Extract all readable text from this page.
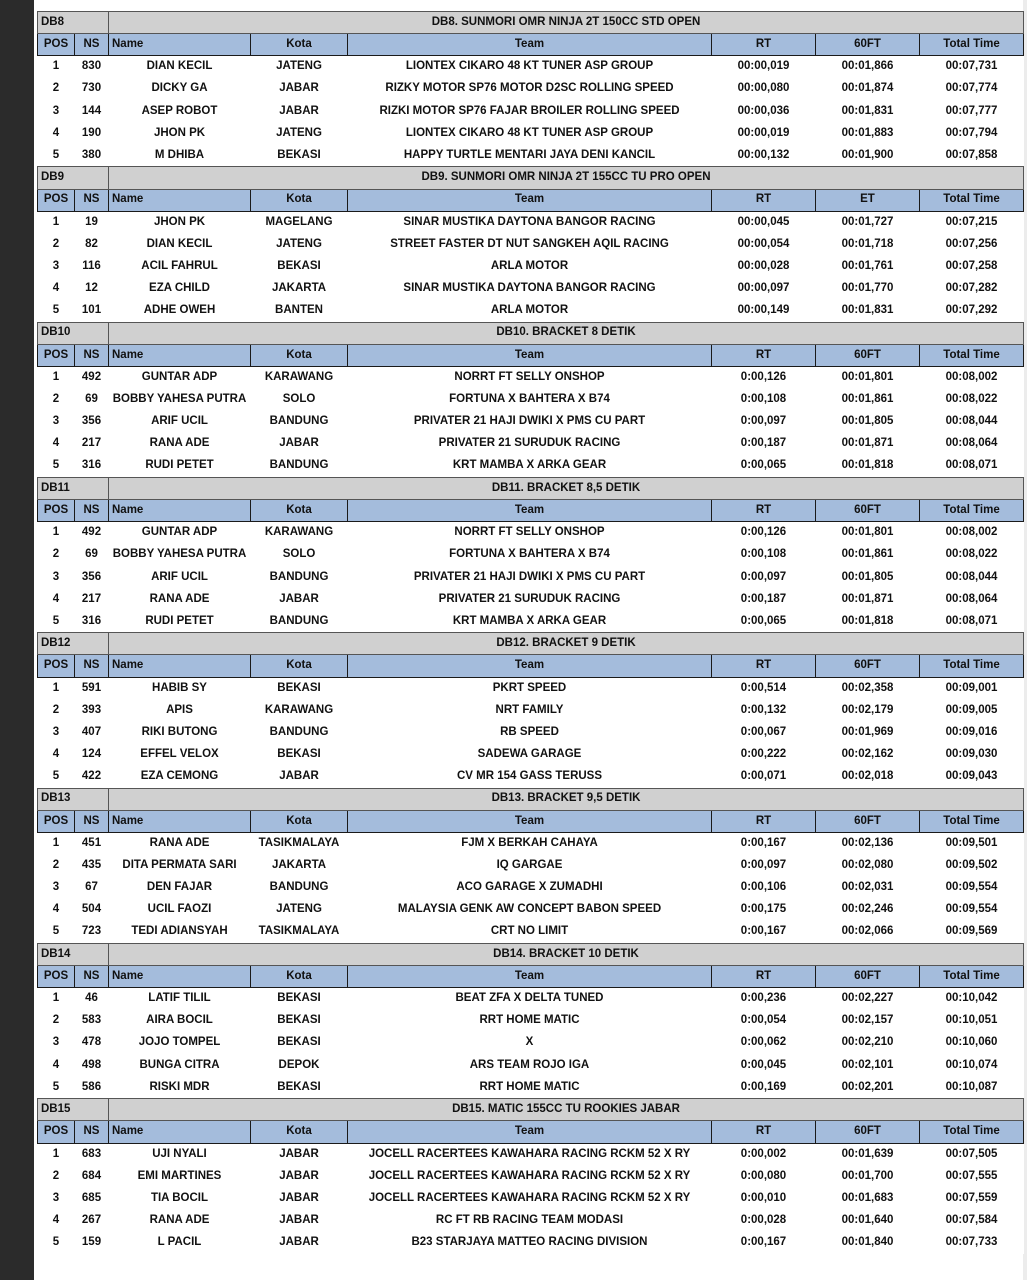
DB8		DB8. SUNMORI OMR NINJA 2T 150CC STD OPEN					
POS	NS	Name	Kota	Team	RT	60FT	Total Time
1	830	DIAN KECIL	JATENG	LIONTEX CIKARO 48 KT TUNER ASP GROUP	00:00,019	00:01,866	00:07,731
2	730	DICKY GA	JABAR	RIZKY MOTOR SP76 MOTOR D2SC ROLLING SPEED	00:00,080	00:01,874	00:07,774
3	144	ASEP ROBOT	JABAR	RIZKI MOTOR SP76 FAJAR BROILER ROLLING SPEED	00:00,036	00:01,831	00:07,777
4	190	JHON PK	JATENG	LIONTEX CIKARO 48 KT TUNER ASP GROUP	00:00,019	00:01,883	00:07,794
5	380	M DHIBA	BEKASI	HAPPY TURTLE MENTARI JAYA DENI KANCIL	00:00,132	00:01,900	00:07,858
DB9		DB9. SUNMORI OMR NINJA 2T 155CC TU PRO OPEN					
POS	NS	Name	Kota	Team	RT	ET	Total Time
1	19	JHON PK	MAGELANG	SINAR MUSTIKA DAYTONA BANGOR RACING	00:00,045	00:01,727	00:07,215
2	82	DIAN KECIL	JATENG	STREET FASTER DT NUT SANGKEH AQIL RACING	00:00,054	00:01,718	00:07,256
3	116	ACIL FAHRUL	BEKASI	ARLA MOTOR	00:00,028	00:01,761	00:07,258
4	12	EZA CHILD	JAKARTA	SINAR MUSTIKA DAYTONA BANGOR RACING	00:00,097	00:01,770	00:07,282
5	101	ADHE OWEH	BANTEN	ARLA MOTOR	00:00,149	00:01,831	00:07,292
DB10		DB10. BRACKET 8 DETIK					
POS	NS	Name	Kota	Team	RT	60FT	Total Time
1	492	GUNTAR ADP	KARAWANG	NORRT FT SELLY ONSHOP	0:00,126	00:01,801	00:08,002
2	69	BOBBY YAHESA PUTRA	SOLO	FORTUNA X BAHTERA X B74	0:00,108	00:01,861	00:08,022
3	356	ARIF UCIL	BANDUNG	PRIVATER 21 HAJI DWIKI X PMS CU PART	0:00,097	00:01,805	00:08,044
4	217	RANA ADE	JABAR	PRIVATER 21 SURUDUK RACING	0:00,187	00:01,871	00:08,064
5	316	RUDI PETET	BANDUNG	KRT MAMBA X ARKA GEAR	0:00,065	00:01,818	00:08,071
DB11		DB11. BRACKET 8,5 DETIK					
POS	NS	Name	Kota	Team	RT	60FT	Total Time
1	492	GUNTAR ADP	KARAWANG	NORRT FT SELLY ONSHOP	0:00,126	00:01,801	00:08,002
2	69	BOBBY YAHESA PUTRA	SOLO	FORTUNA X BAHTERA X B74	0:00,108	00:01,861	00:08,022
3	356	ARIF UCIL	BANDUNG	PRIVATER 21 HAJI DWIKI X PMS CU PART	0:00,097	00:01,805	00:08,044
4	217	RANA ADE	JABAR	PRIVATER 21 SURUDUK RACING	0:00,187	00:01,871	00:08,064
5	316	RUDI PETET	BANDUNG	KRT MAMBA X ARKA GEAR	0:00,065	00:01,818	00:08,071
DB12		DB12. BRACKET 9 DETIK					
POS	NS	Name	Kota	Team	RT	60FT	Total Time
1	591	HABIB SY	BEKASI	PKRT SPEED	0:00,514	00:02,358	00:09,001
2	393	APIS	KARAWANG	NRT FAMILY	0:00,132	00:02,179	00:09,005
3	407	RIKI BUTONG	BANDUNG	RB SPEED	0:00,067	00:01,969	00:09,016
4	124	EFFEL VELOX	BEKASI	SADEWA GARAGE	0:00,222	00:02,162	00:09,030
5	422	EZA CEMONG	JABAR	CV MR 154 GASS TERUSS	0:00,071	00:02,018	00:09,043
DB13		DB13. BRACKET 9,5 DETIK					
POS	NS	Name	Kota	Team	RT	60FT	Total Time
1	451	RANA ADE	TASIKMALAYA	FJM X BERKAH CAHAYA	0:00,167	00:02,136	00:09,501
2	435	DITA PERMATA SARI	JAKARTA	IQ GARGAE	0:00,097	00:02,080	00:09,502
3	67	DEN FAJAR	BANDUNG	ACO GARAGE X ZUMADHI	0:00,106	00:02,031	00:09,554
4	504	UCIL FAOZI	JATENG	MALAYSIA GENK AW CONCEPT BABON SPEED	0:00,175	00:02,246	00:09,554
5	723	TEDI ADIANSYAH	TASIKMALAYA	CRT NO LIMIT	0:00,167	00:02,066	00:09,569
DB14		DB14. BRACKET 10 DETIK					
POS	NS	Name	Kota	Team	RT	60FT	Total Time
1	46	LATIF TILIL	BEKASI	BEAT ZFA X DELTA TUNED	0:00,236	00:02,227	00:10,042
2	583	AIRA BOCIL	BEKASI	RRT HOME MATIC	0:00,054	00:02,157	00:10,051
3	478	JOJO TOMPEL	BEKASI	X	0:00,062	00:02,210	00:10,060
4	498	BUNGA CITRA	DEPOK	ARS TEAM ROJO IGA	0:00,045	00:02,101	00:10,074
5	586	RISKI MDR	BEKASI	RRT HOME MATIC	0:00,169	00:02,201	00:10,087
DB15		DB15. MATIC 155CC TU ROOKIES JABAR					
POS	NS	Name	Kota	Team	RT	60FT	Total Time
1	683	UJI NYALI	JABAR	JOCELL RACERTEES KAWAHARA RACING RCKM 52 X RY	0:00,002	00:01,639	00:07,505
2	684	EMI MARTINES	JABAR	JOCELL RACERTEES KAWAHARA RACING RCKM 52 X RY	0:00,080	00:01,700	00:07,555
3	685	TIA BOCIL	JABAR	JOCELL RACERTEES KAWAHARA RACING RCKM 52 X RY	0:00,010	00:01,683	00:07,559
4	267	RANA ADE	JABAR	RC FT RB RACING TEAM MODASI	0:00,028	00:01,640	00:07,584
5	159	L PACIL	JABAR	B23 STARJAYA MATTEO RACING DIVISION	0:00,167	00:01,840	00:07,733
